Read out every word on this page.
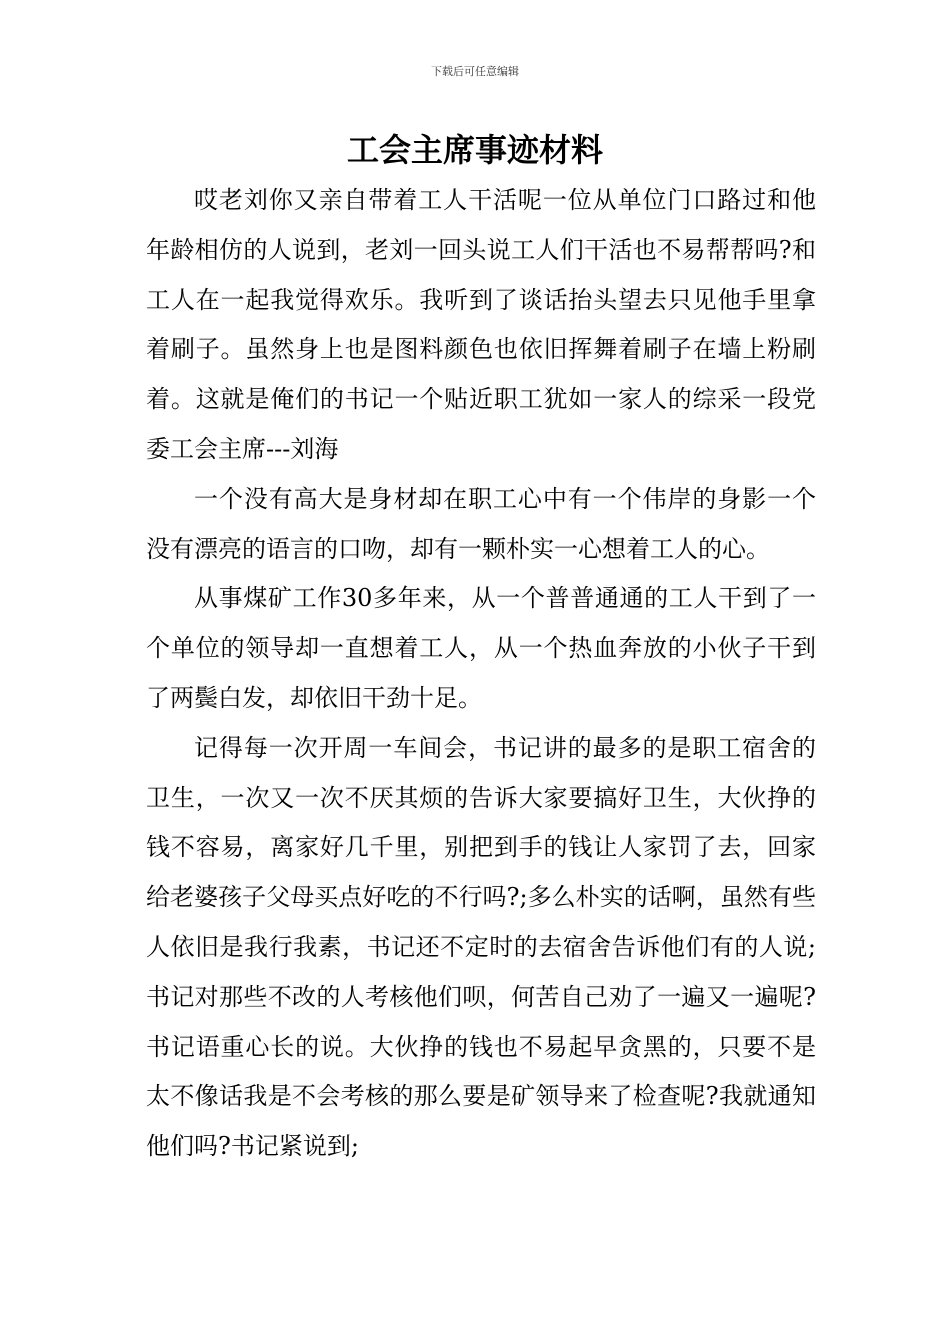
下载后可任意编辑
工会主席事迹材料

哎老刘你又亲自带着工人干活呢一位从单位门口路过和他年龄相仿的人说到，老刘一回头说工人们干活也不易帮帮吗?和工人在一起我觉得欢乐。我听到了谈话抬头望去只见他手里拿着刷子。虽然身上也是图料颜色也依旧挥舞着刷子在墙上粉刷着。这就是俺们的书记一个贴近职工犹如一家人的综采一段党委工会主席---刘海

一个没有高大是身材却在职工心中有一个伟岸的身影一个没有漂亮的语言的口吻，却有一颗朴实一心想着工人的心。

从事煤矿工作30多年来，从一个普普通通的工人干到了一个单位的领导却一直想着工人，从一个热血奔放的小伙子干到了两鬓白发，却依旧干劲十足。

记得每一次开周一车间会，书记讲的最多的是职工宿舍的卫生，一次又一次不厌其烦的告诉大家要搞好卫生，大伙挣的钱不容易，离家好几千里，别把到手的钱让人家罚了去，回家给老婆孩子父母买点好吃的不行吗?;多么朴实的话啊，虽然有些人依旧是我行我素，书记还不定时的去宿舍告诉他们有的人说;书记对那些不改的人考核他们呗，何苦自己劝了一遍又一遍呢?书记语重心长的说。大伙挣的钱也不易起早贪黑的，只要不是太不像话我是不会考核的那么要是矿领导来了检查呢?我就通知他们吗?书记紧说到;
